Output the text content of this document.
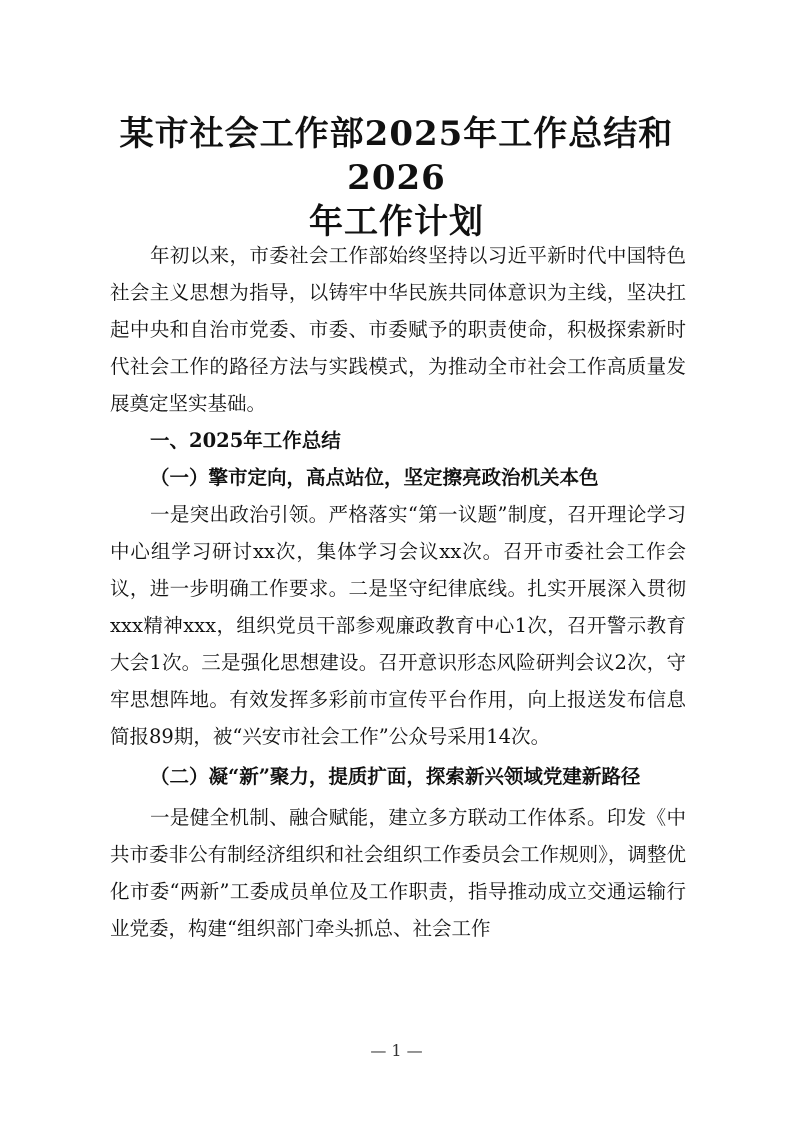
某市社会工作部2025年工作总结和2026
年工作计划

年初以来，市委社会工作部始终坚持以习近平新时代中国特色社会主义思想为指导，以铸牢中华民族共同体意识为主线，坚决扛起中央和自治市党委、市委、市委赋予的职责使命，积极探索新时代社会工作的路径方法与实践模式，为推动全市社会工作高质量发展奠定坚实基础。

一、2025年工作总结

（一）擎市定向，高点站位，坚定擦亮政治机关本色

一是突出政治引领。严格落实“第一议题”制度，召开理论学习中心组学习研讨xx次，集体学习会议xx次。召开市委社会工作会议，进一步明确工作要求。二是坚守纪律底线。扎实开展深入贯彻xxx精神xxx，组织党员干部参观廉政教育中心1次，召开警示教育大会1次。三是强化思想建设。召开意识形态风险研判会议2次，守牢思想阵地。有效发挥多彩前市宣传平台作用，向上报送发布信息简报89期，被“兴安市社会工作”公众号采用14次。

（二）凝“新”聚力，提质扩面，探索新兴领域党建新路径

一是健全机制、融合赋能，建立多方联动工作体系。印发《中共市委非公有制经济组织和社会组织工作委员会工作规则》，调整优化市委“两新”工委成员单位及工作职责，指导推动成立交通运输行业党委，构建“组织部门牵头抓总、社会工作

— 1 —
